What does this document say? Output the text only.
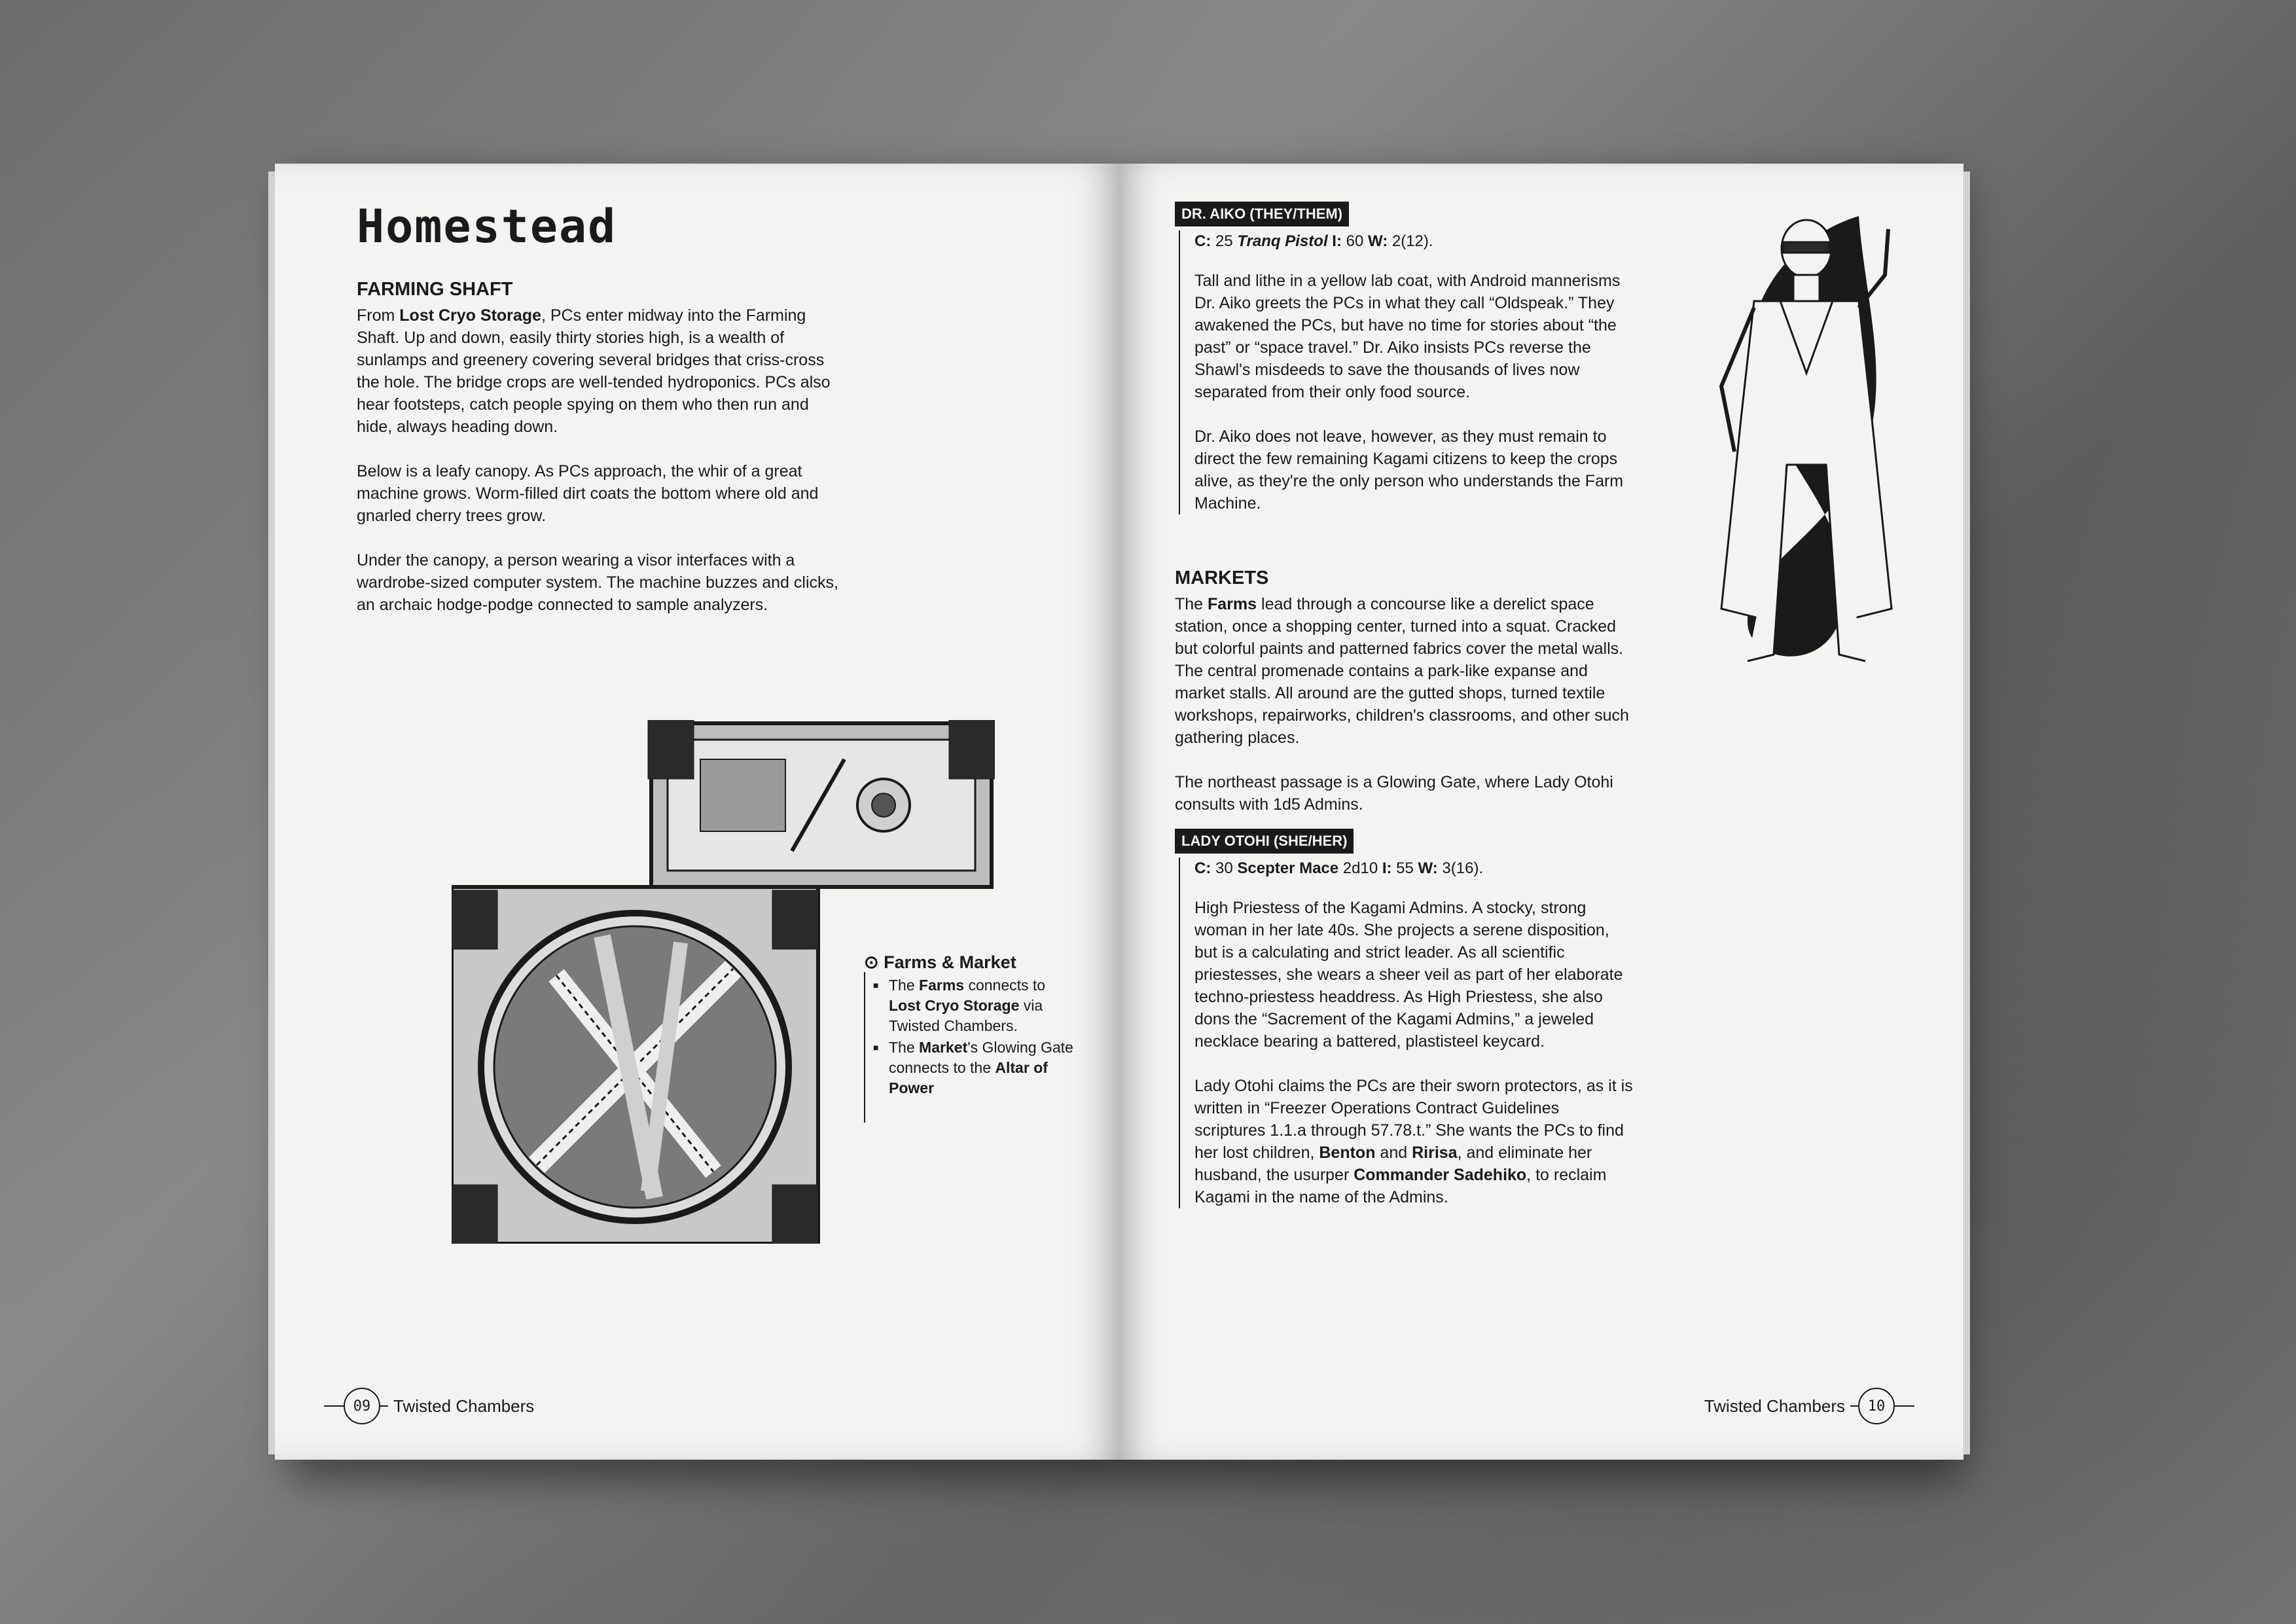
Homestead
FARMING SHAFT

From Lost Cryo Storage, PCs enter midway into the Farming Shaft. Up and down, easily thirty stories high, is a wealth of sunlamps and greenery covering several bridges that criss-cross the hole. The bridge crops are well-tended hydroponics. PCs also hear footsteps, catch people spying on them who then run and hide, always heading down.

Below is a leafy canopy. As PCs approach, the whir of a great machine grows. Worm-filled dirt coats the bottom where old and gnarled cherry trees grow.

Under the canopy, a person wearing a visor interfaces with a wardrobe-sized computer system. The machine buzzes and clicks, an archaic hodge-podge connected to sample analyzers.

⊙ Farms & Market
■ The Farms connects to Lost Cryo Storage via Twisted Chambers.
■ The Market's Glowing Gate connects to the Altar of Power
09	Twisted Chambers
DR. AIKO (THEY/THEM)
C: 25 Tranq Pistol I: 60 W: 2(12).

Tall and lithe in a yellow lab coat, with Android mannerisms Dr. Aiko greets the PCs in what they call “Oldspeak.” They awakened the PCs, but have no time for stories about “the past” or “space travel.” Dr. Aiko insists PCs reverse the Shawl's misdeeds to save the thousands of lives now separated from their only food source.

Dr. Aiko does not leave, however, as they must remain to direct the few remaining Kagami citizens to keep the crops alive, as they're the only person who understands the Farm Machine.

MARKETS

The Farms lead through a concourse like a derelict space station, once a shopping center, turned into a squat. Cracked but colorful paints and patterned fabrics cover the metal walls. The central promenade contains a park-like expanse and market stalls. All around are the gutted shops, turned textile workshops, repairworks, children's classrooms, and other such gathering places.

The northeast passage is a Glowing Gate, where Lady Otohi consults with 1d5 Admins.

LADY OTOHI (SHE/HER)
C: 30 Scepter Mace 2d10 I: 55 W: 3(16).

High Priestess of the Kagami Admins. A stocky, strong woman in her late 40s. She projects a serene disposition, but is a calculating and strict leader. As all scientific priestesses, she wears a sheer veil as part of her elaborate techno-priestess headdress. As High Priestess, she also dons the “Sacrement of the Kagami Admins,” a jeweled necklace bearing a battered, plastisteel keycard.

Lady Otohi claims the PCs are their sworn protectors, as it is written in “Freezer Operations Contract Guidelines scriptures 1.1.a through 57.78.t.” She wants the PCs to find her lost children, Benton and Ririsa, and eliminate her husband, the usurper Commander Sadehiko, to reclaim Kagami in the name of the Admins.

Twisted Chambers	10
